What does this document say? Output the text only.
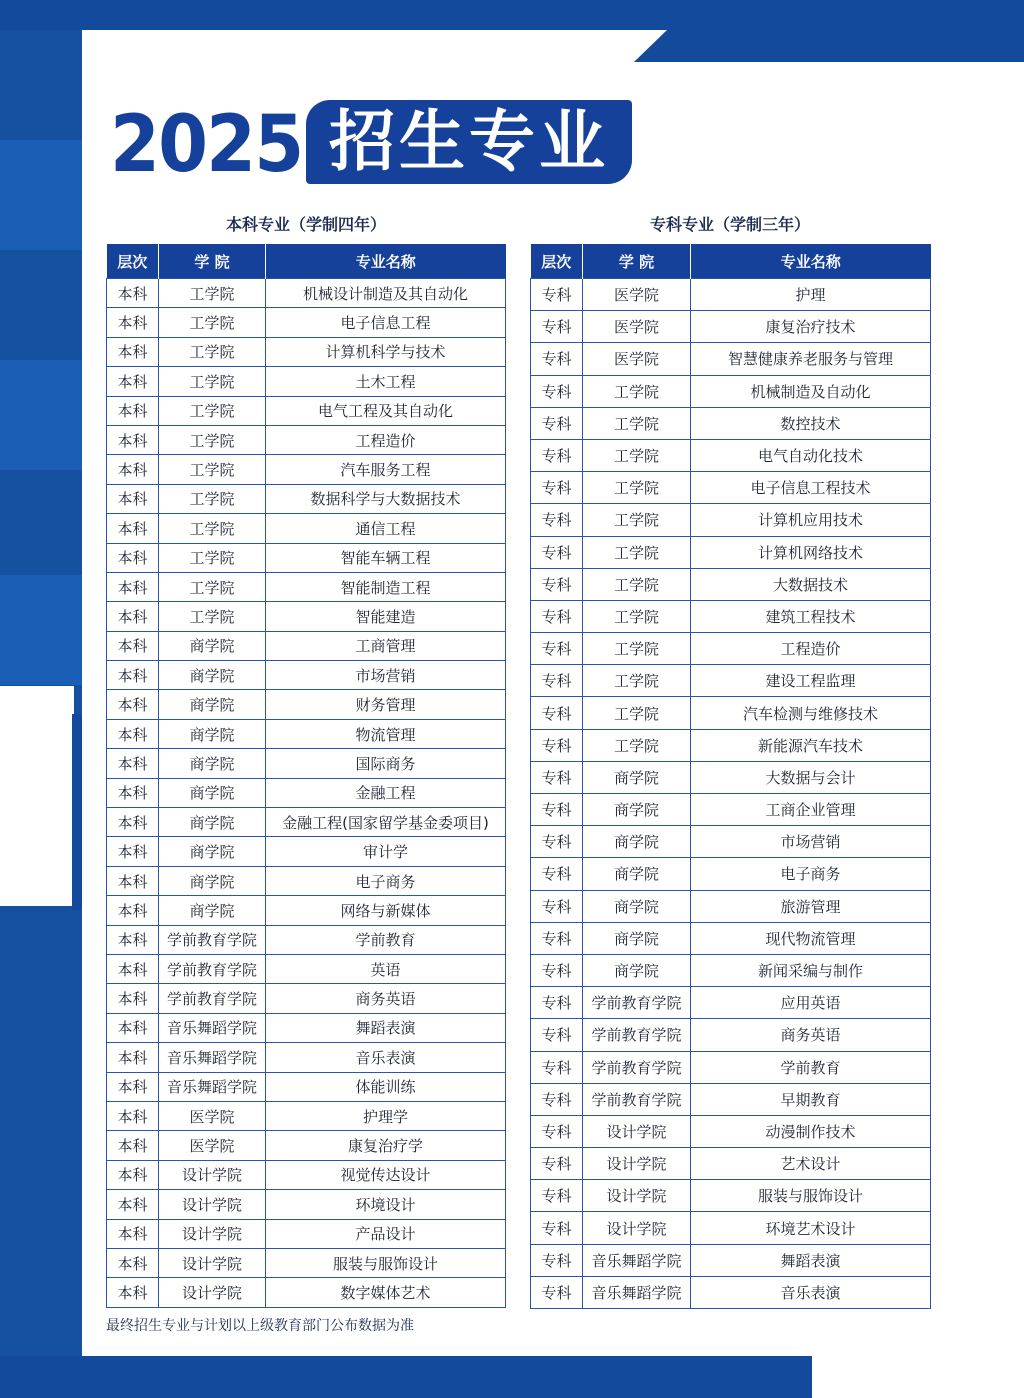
2025 招生专业
本科专业（学制四年）	专科专业（学制三年）
层次	学 院	专业名称
本科	工学院	机械设计制造及其自动化
本科	工学院	电子信息工程
本科	工学院	计算机科学与技术
本科	工学院	土木工程
本科	工学院	电气工程及其自动化
本科	工学院	工程造价
本科	工学院	汽车服务工程
本科	工学院	数据科学与大数据技术
本科	工学院	通信工程
本科	工学院	智能车辆工程
本科	工学院	智能制造工程
本科	工学院	智能建造
本科	商学院	工商管理
本科	商学院	市场营销
本科	商学院	财务管理
本科	商学院	物流管理
本科	商学院	国际商务
本科	商学院	金融工程
本科	商学院	金融工程(国家留学基金委项目)
本科	商学院	审计学
本科	商学院	电子商务
本科	商学院	网络与新媒体
本科	学前教育学院	学前教育
本科	学前教育学院	英语
本科	学前教育学院	商务英语
本科	音乐舞蹈学院	舞蹈表演
本科	音乐舞蹈学院	音乐表演
本科	音乐舞蹈学院	体能训练
本科	医学院	护理学
本科	医学院	康复治疗学
本科	设计学院	视觉传达设计
本科	设计学院	环境设计
本科	设计学院	产品设计
本科	设计学院	服装与服饰设计
本科	设计学院	数字媒体艺术
层次	学 院	专业名称
专科	医学院	护理
专科	医学院	康复治疗技术
专科	医学院	智慧健康养老服务与管理
专科	工学院	机械制造及自动化
专科	工学院	数控技术
专科	工学院	电气自动化技术
专科	工学院	电子信息工程技术
专科	工学院	计算机应用技术
专科	工学院	计算机网络技术
专科	工学院	大数据技术
专科	工学院	建筑工程技术
专科	工学院	工程造价
专科	工学院	建设工程监理
专科	工学院	汽车检测与维修技术
专科	工学院	新能源汽车技术
专科	商学院	大数据与会计
专科	商学院	工商企业管理
专科	商学院	市场营销
专科	商学院	电子商务
专科	商学院	旅游管理
专科	商学院	现代物流管理
专科	商学院	新闻采编与制作
专科	学前教育学院	应用英语
专科	学前教育学院	商务英语
专科	学前教育学院	学前教育
专科	学前教育学院	早期教育
专科	设计学院	动漫制作技术
专科	设计学院	艺术设计
专科	设计学院	服装与服饰设计
专科	设计学院	环境艺术设计
专科	音乐舞蹈学院	舞蹈表演
专科	音乐舞蹈学院	音乐表演
最终招生专业与计划以上级教育部门公布数据为准
